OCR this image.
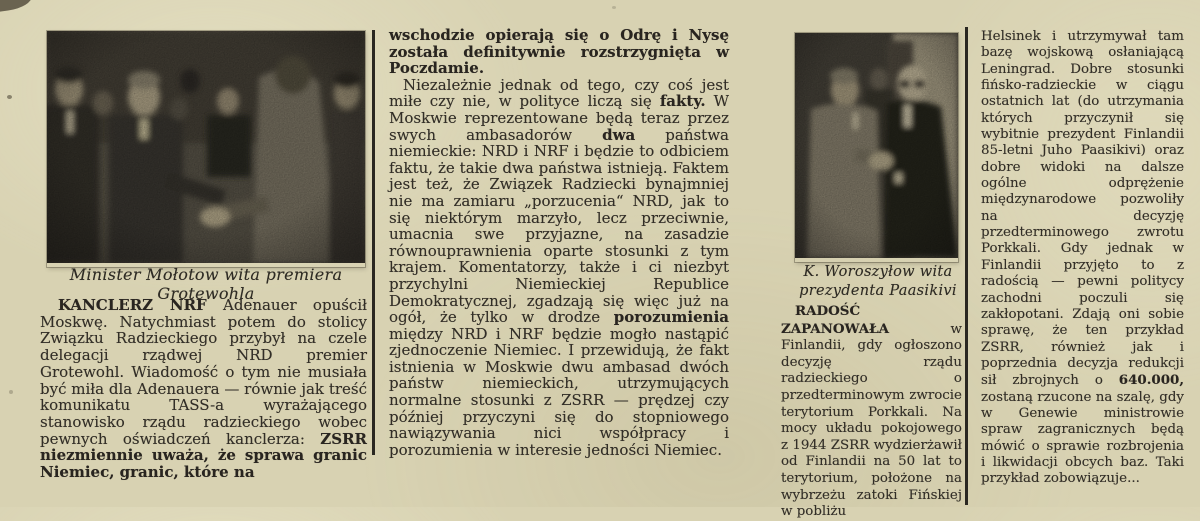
Minister Mołotow wita premiera Grotewohla

KANCLERZ NRF Adenauer opuścił Moskwę. Natychmiast potem do stolicy Związku Radzieckiego przybył na czele delegacji rządwej NRD premier Grotewohl. Wiadomość o tym nie musiała być miła dla Adenauera — równie jak treść komunikatu TASS-a wyrażającego stanowisko rządu radzieckiego wobec pewnych oświadczeń kanclerza: ZSRR niezmiennie uważa, że sprawa granic Niemiec, granic, które na

wschodzie opierają się o Odrę i Nysę została definitywnie rozstrzygnięta w Poczdamie.

Niezależnie jednak od tego, czy coś jest miłe czy nie, w polityce liczą się fakty. W Moskwie reprezentowane będą teraz przez swych ambasadorów dwa państwa niemieckie: NRD i NRF i będzie to odbiciem faktu, że takie dwa państwa istnieją. Faktem jest też, że Związek Radziecki bynajmniej nie ma zamiaru „porzucenia“ NRD, jak to się niektórym marzyło, lecz przeciwnie, umacnia swe przyjazne, na zasadzie równouprawnienia oparte stosunki z tym krajem. Komentatorzy, także i ci niezbyt przychylni Niemieckiej Republice Demokratycznej, zgadzają się więc już na ogół, że tylko w drodze porozumienia między NRD i NRF będzie mogło nastąpić zjednoczenie Niemiec. I przewidują, że fakt istnienia w Moskwie dwu ambasad dwóch państw niemieckich, utrzymujących normalne stosunki z ZSRR — prędzej czy później przyczyni się do stopniowego nawiązywania nici współpracy i porozumienia w interesie jedności Niemiec.

K. Woroszyłow wita
prezydenta Paasikivi

RADOŚĆ ZAPANOWAŁA w Finlandii, gdy ogłoszono decyzję rządu radzieckiego o przedterminowym zwrocie terytorium Porkkali. Na mocy układu pokojowego z 1944 ZSRR wydzierżawił od Finlandii na 50 lat to terytorium, położone na wybrzeżu zatoki Fińskiej w pobliżu

Helsinek i utrzymywał tam bazę wojskową osłaniającą Leningrad. Dobre stosunki fińsko-radzieckie w ciągu ostatnich lat (do utrzymania których przyczynił się wybitnie prezydent Finlandii 85-letni Juho Paasikivi) oraz dobre widoki na dalsze ogólne odprężenie międzynarodowe pozwoliły na decyzję przedterminowego zwrotu Porkkali. Gdy jednak w Finlandii przyjęto to z radością — pewni politycy zachodni poczuli się zakłopotani. Zdają oni sobie sprawę, że ten przykład ZSRR, również jak i poprzednia decyzja redukcji sił zbrojnych o 640.000, zostaną rzucone na szalę, gdy w Genewie ministrowie spraw zagranicznych będą mówić o sprawie rozbrojenia i likwidacji obcych baz. Taki przykład zobowiązuje...
